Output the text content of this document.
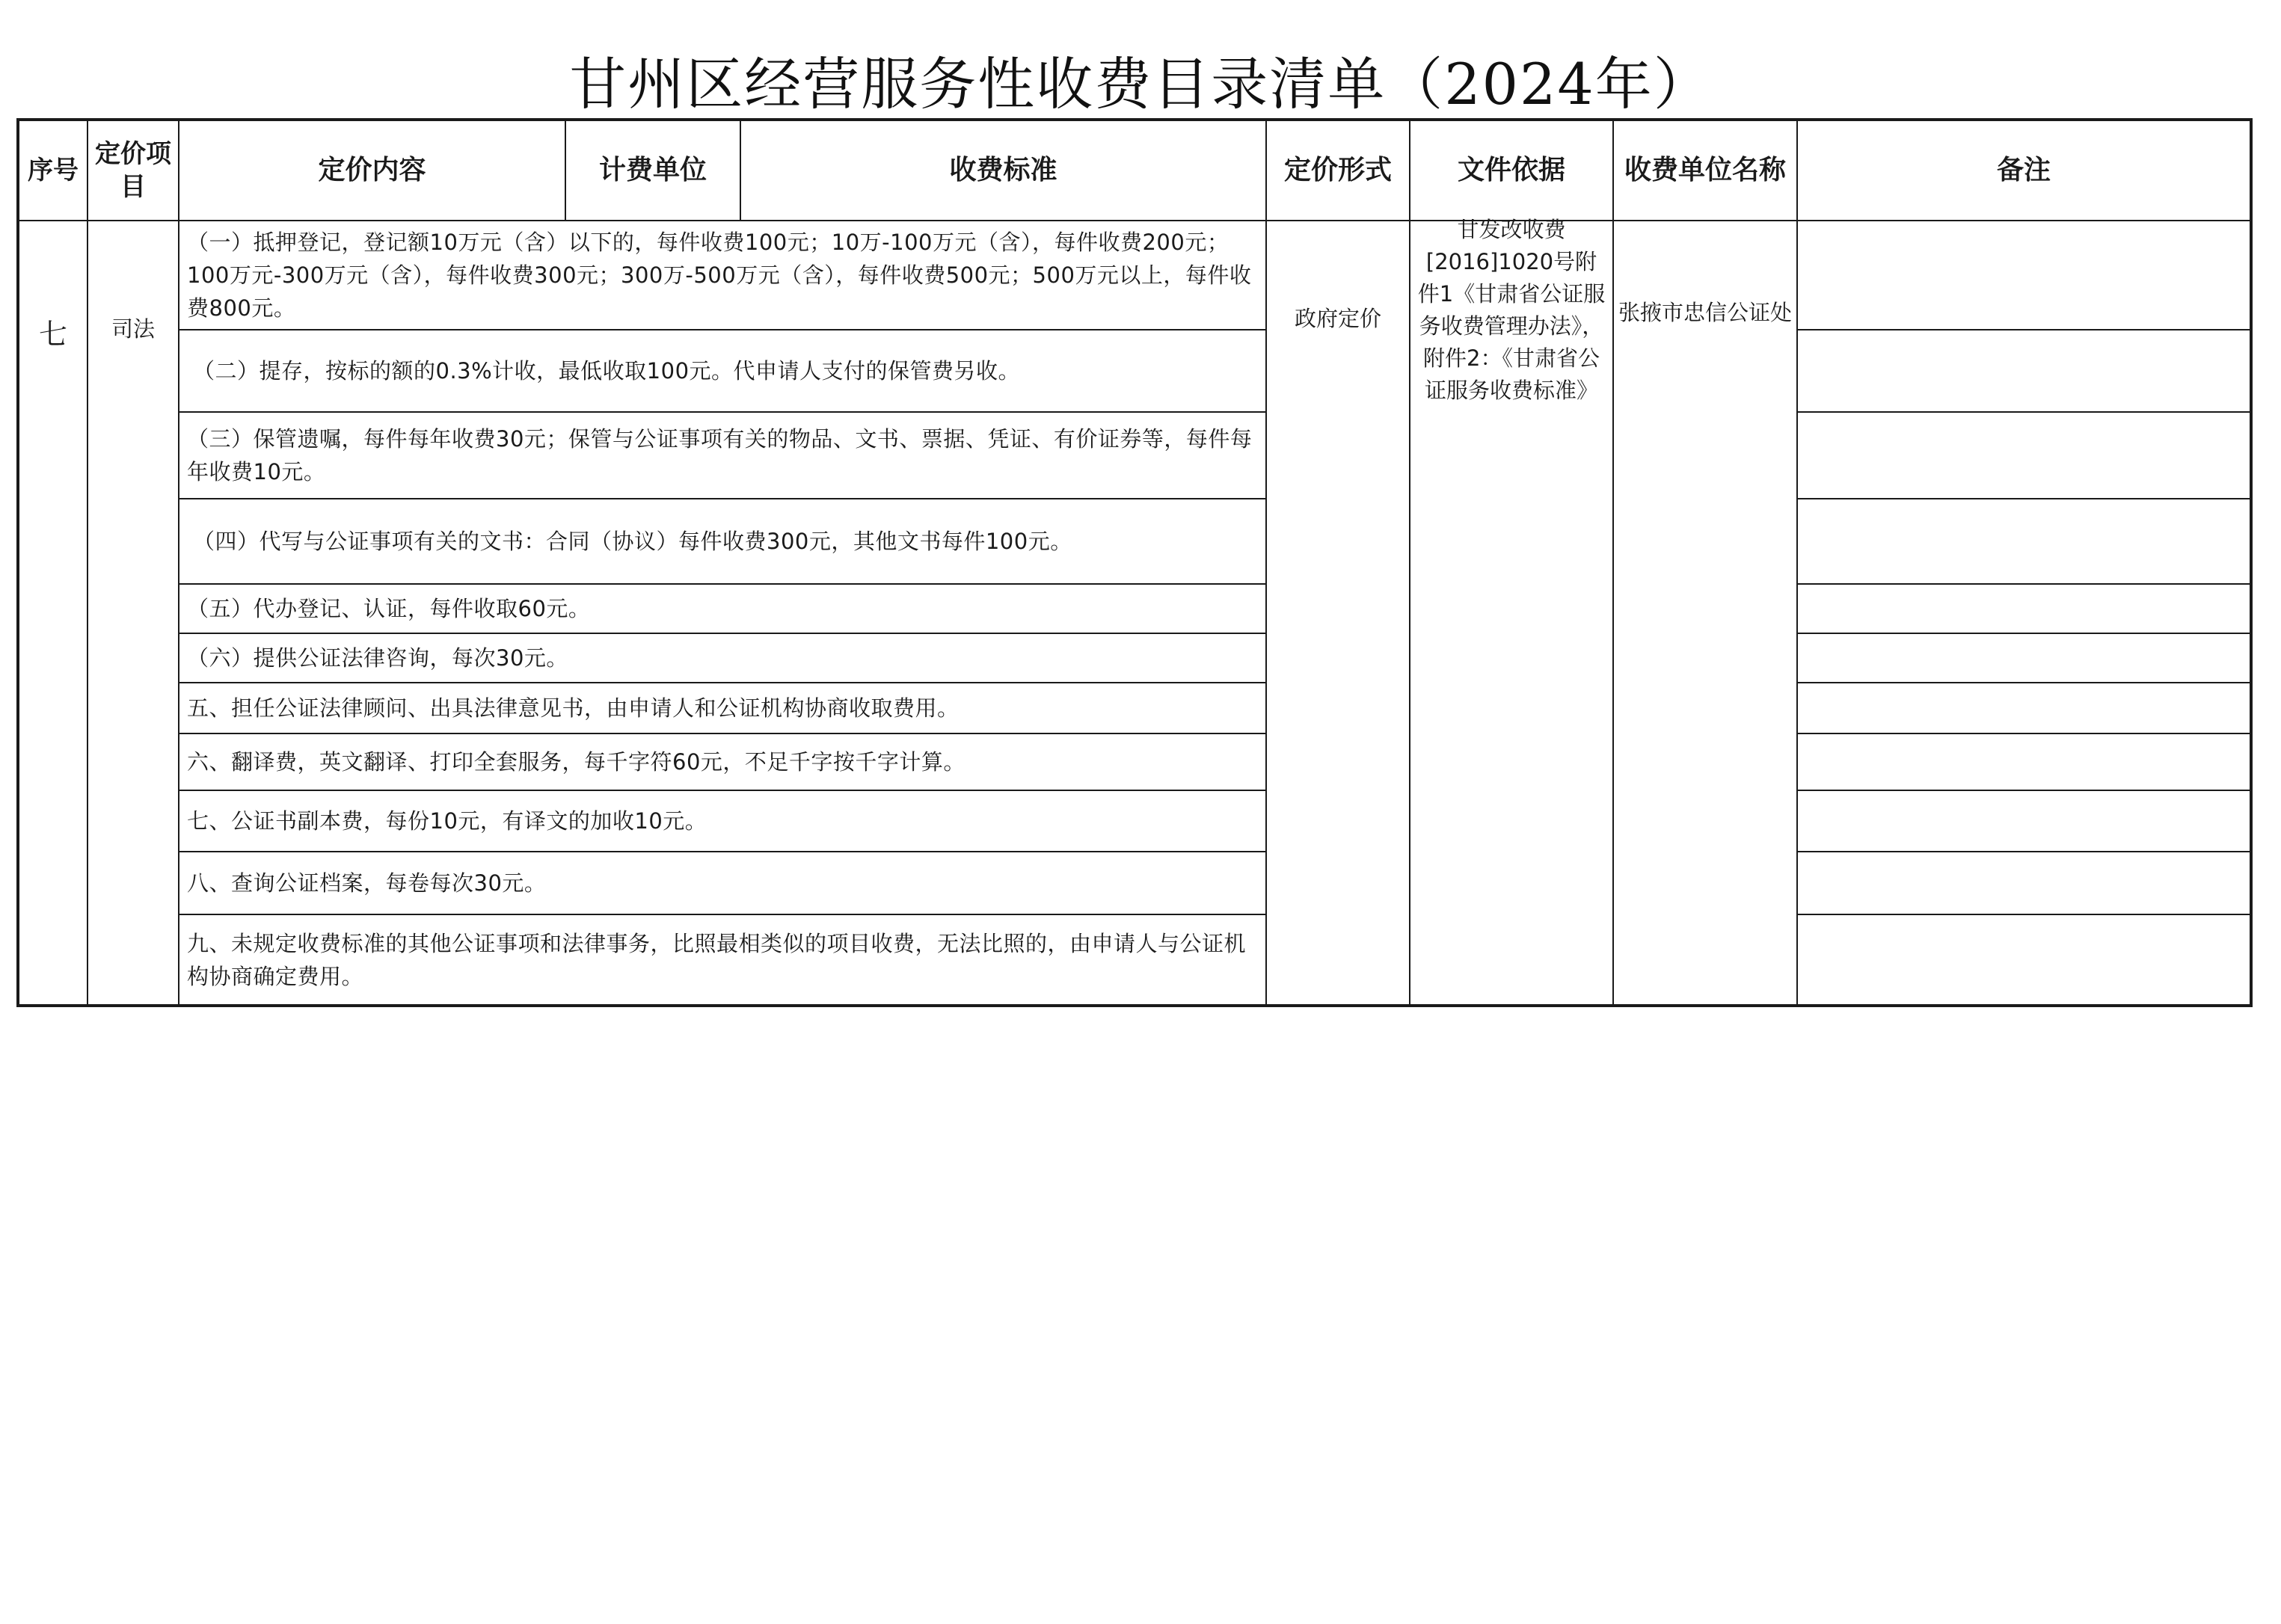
甘州区经营服务性收费目录清单（2024年）
序号	定价项目	定价内容	计费单位	收费标准	定价形式	文件依据	收费单位名称	备注
七	司法	（一）抵押登记，登记额10万元（含）以下的，每件收费100元；10万-100万元（含），每件收费200元；100万元-300万元（含），每件收费300元；300万-500万元（含），每件收费500元；500万元以上，每件收费800元。			政府定价	甘发改收费[2016]1020号附件1《甘肃省公证服务收费管理办法》，附件2：《甘肃省公证服务收费标准》	张掖市忠信公证处	
		（二）提存，按标的额的0.3%计收，最低收取100元。代申请人支付的保管费另收。						
		（三）保管遗嘱，每件每年收费30元；保管与公证事项有关的物品、文书、票据、凭证、有价证券等，每件每年收费10元。						
		（四）代写与公证事项有关的文书：合同（协议）每件收费300元，其他文书每件100元。						
		（五）代办登记、认证，每件收取60元。						
		（六）提供公证法律咨询，每次30元。						
		五、担任公证法律顾问、出具法律意见书，由申请人和公证机构协商收取费用。						
		六、翻译费，英文翻译、打印全套服务，每千字符60元，不足千字按千字计算。						
		七、公证书副本费，每份10元，有译文的加收10元。						
		八、查询公证档案，每卷每次30元。						
		九、未规定收费标准的其他公证事项和法律事务，比照最相类似的项目收费，无法比照的，由申请人与公证机构协商确定费用。						
